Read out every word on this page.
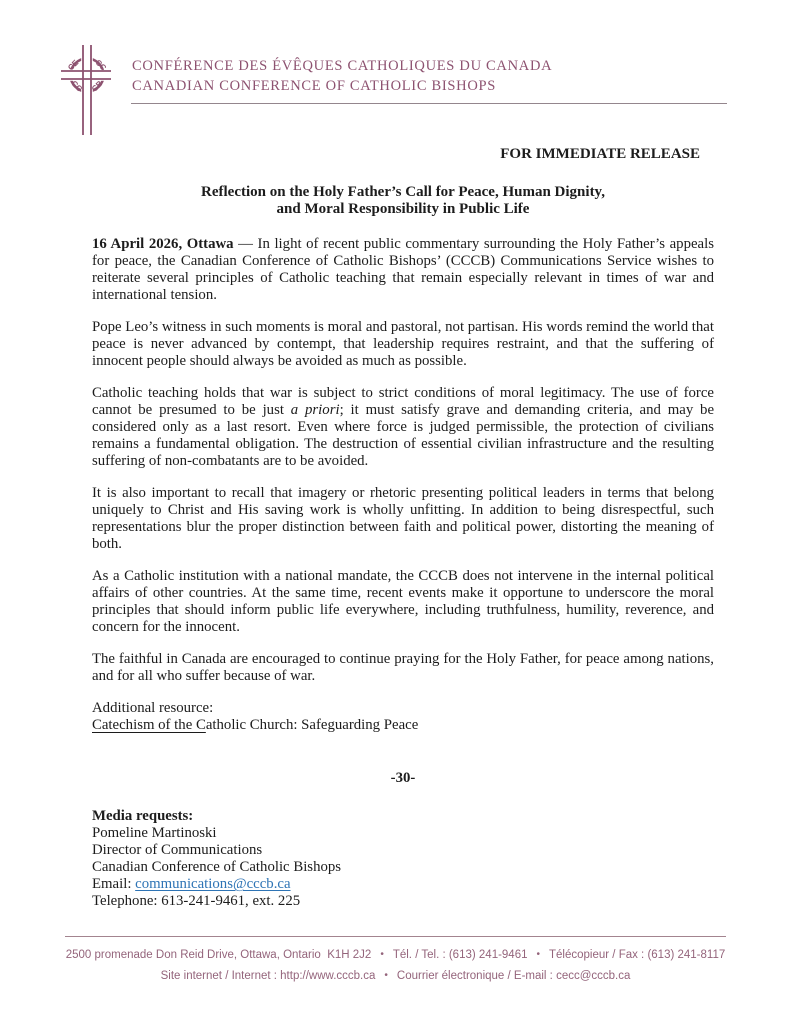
CE CC
CC CB
CONFÉRENCE DES ÉVÊQUES CATHOLIQUES DU CANADA
CANADIAN CONFERENCE OF CATHOLIC BISHOPS
FOR IMMEDIATE RELEASE
Reflection on the Holy Father’s Call for Peace, Human Dignity,
and Moral Responsibility in Public Life

16 April 2026, Ottawa — In light of recent public commentary surrounding the Holy Father’s appeals for peace, the Canadian Conference of Catholic Bishops’ (CCCB) Communications Service wishes to reiterate several principles of Catholic teaching that remain especially relevant in times of war and international tension.

Pope Leo’s witness in such moments is moral and pastoral, not partisan. His words remind the world that peace is never advanced by contempt, that leadership requires restraint, and that the suffering of innocent people should always be avoided as much as possible.

Catholic teaching holds that war is subject to strict conditions of moral legitimacy. The use of force cannot be presumed to be just a priori; it must satisfy grave and demanding criteria, and may be considered only as a last resort. Even where force is judged permissible, the protection of civilians remains a fundamental obligation. The destruction of essential civilian infrastructure and the resulting suffering of non-combatants are to be avoided.

It is also important to recall that imagery or rhetoric presenting political leaders in terms that belong uniquely to Christ and His saving work is wholly unfitting. In addition to being disrespectful, such representations blur the proper distinction between faith and political power, distorting the meaning of both.

As a Catholic institution with a national mandate, the CCCB does not intervene in the internal political affairs of other countries. At the same time, recent events make it opportune to underscore the moral principles that should inform public life everywhere, including truthfulness, humility, reverence, and concern for the innocent.

The faithful in Canada are encouraged to continue praying for the Holy Father, for peace among nations, and for all who suffer because of war.

Additional resource:
Catechism of the Catholic Church: Safeguarding Peace
-30-
Media requests:
Pomeline Martinoski
Director of Communications
Canadian Conference of Catholic Bishops
Email: communications@cccb.ca
Telephone: 613-241-9461, ext. 225
2500 promenade Don Reid Drive, Ottawa, Ontario  K1H 2J2 • Tél. / Tel. : (613) 241-9461 • Télécopieur / Fax : (613) 241-8117
Site internet / Internet : http://www.cccb.ca • Courrier électronique / E-mail : cecc@cccb.ca
